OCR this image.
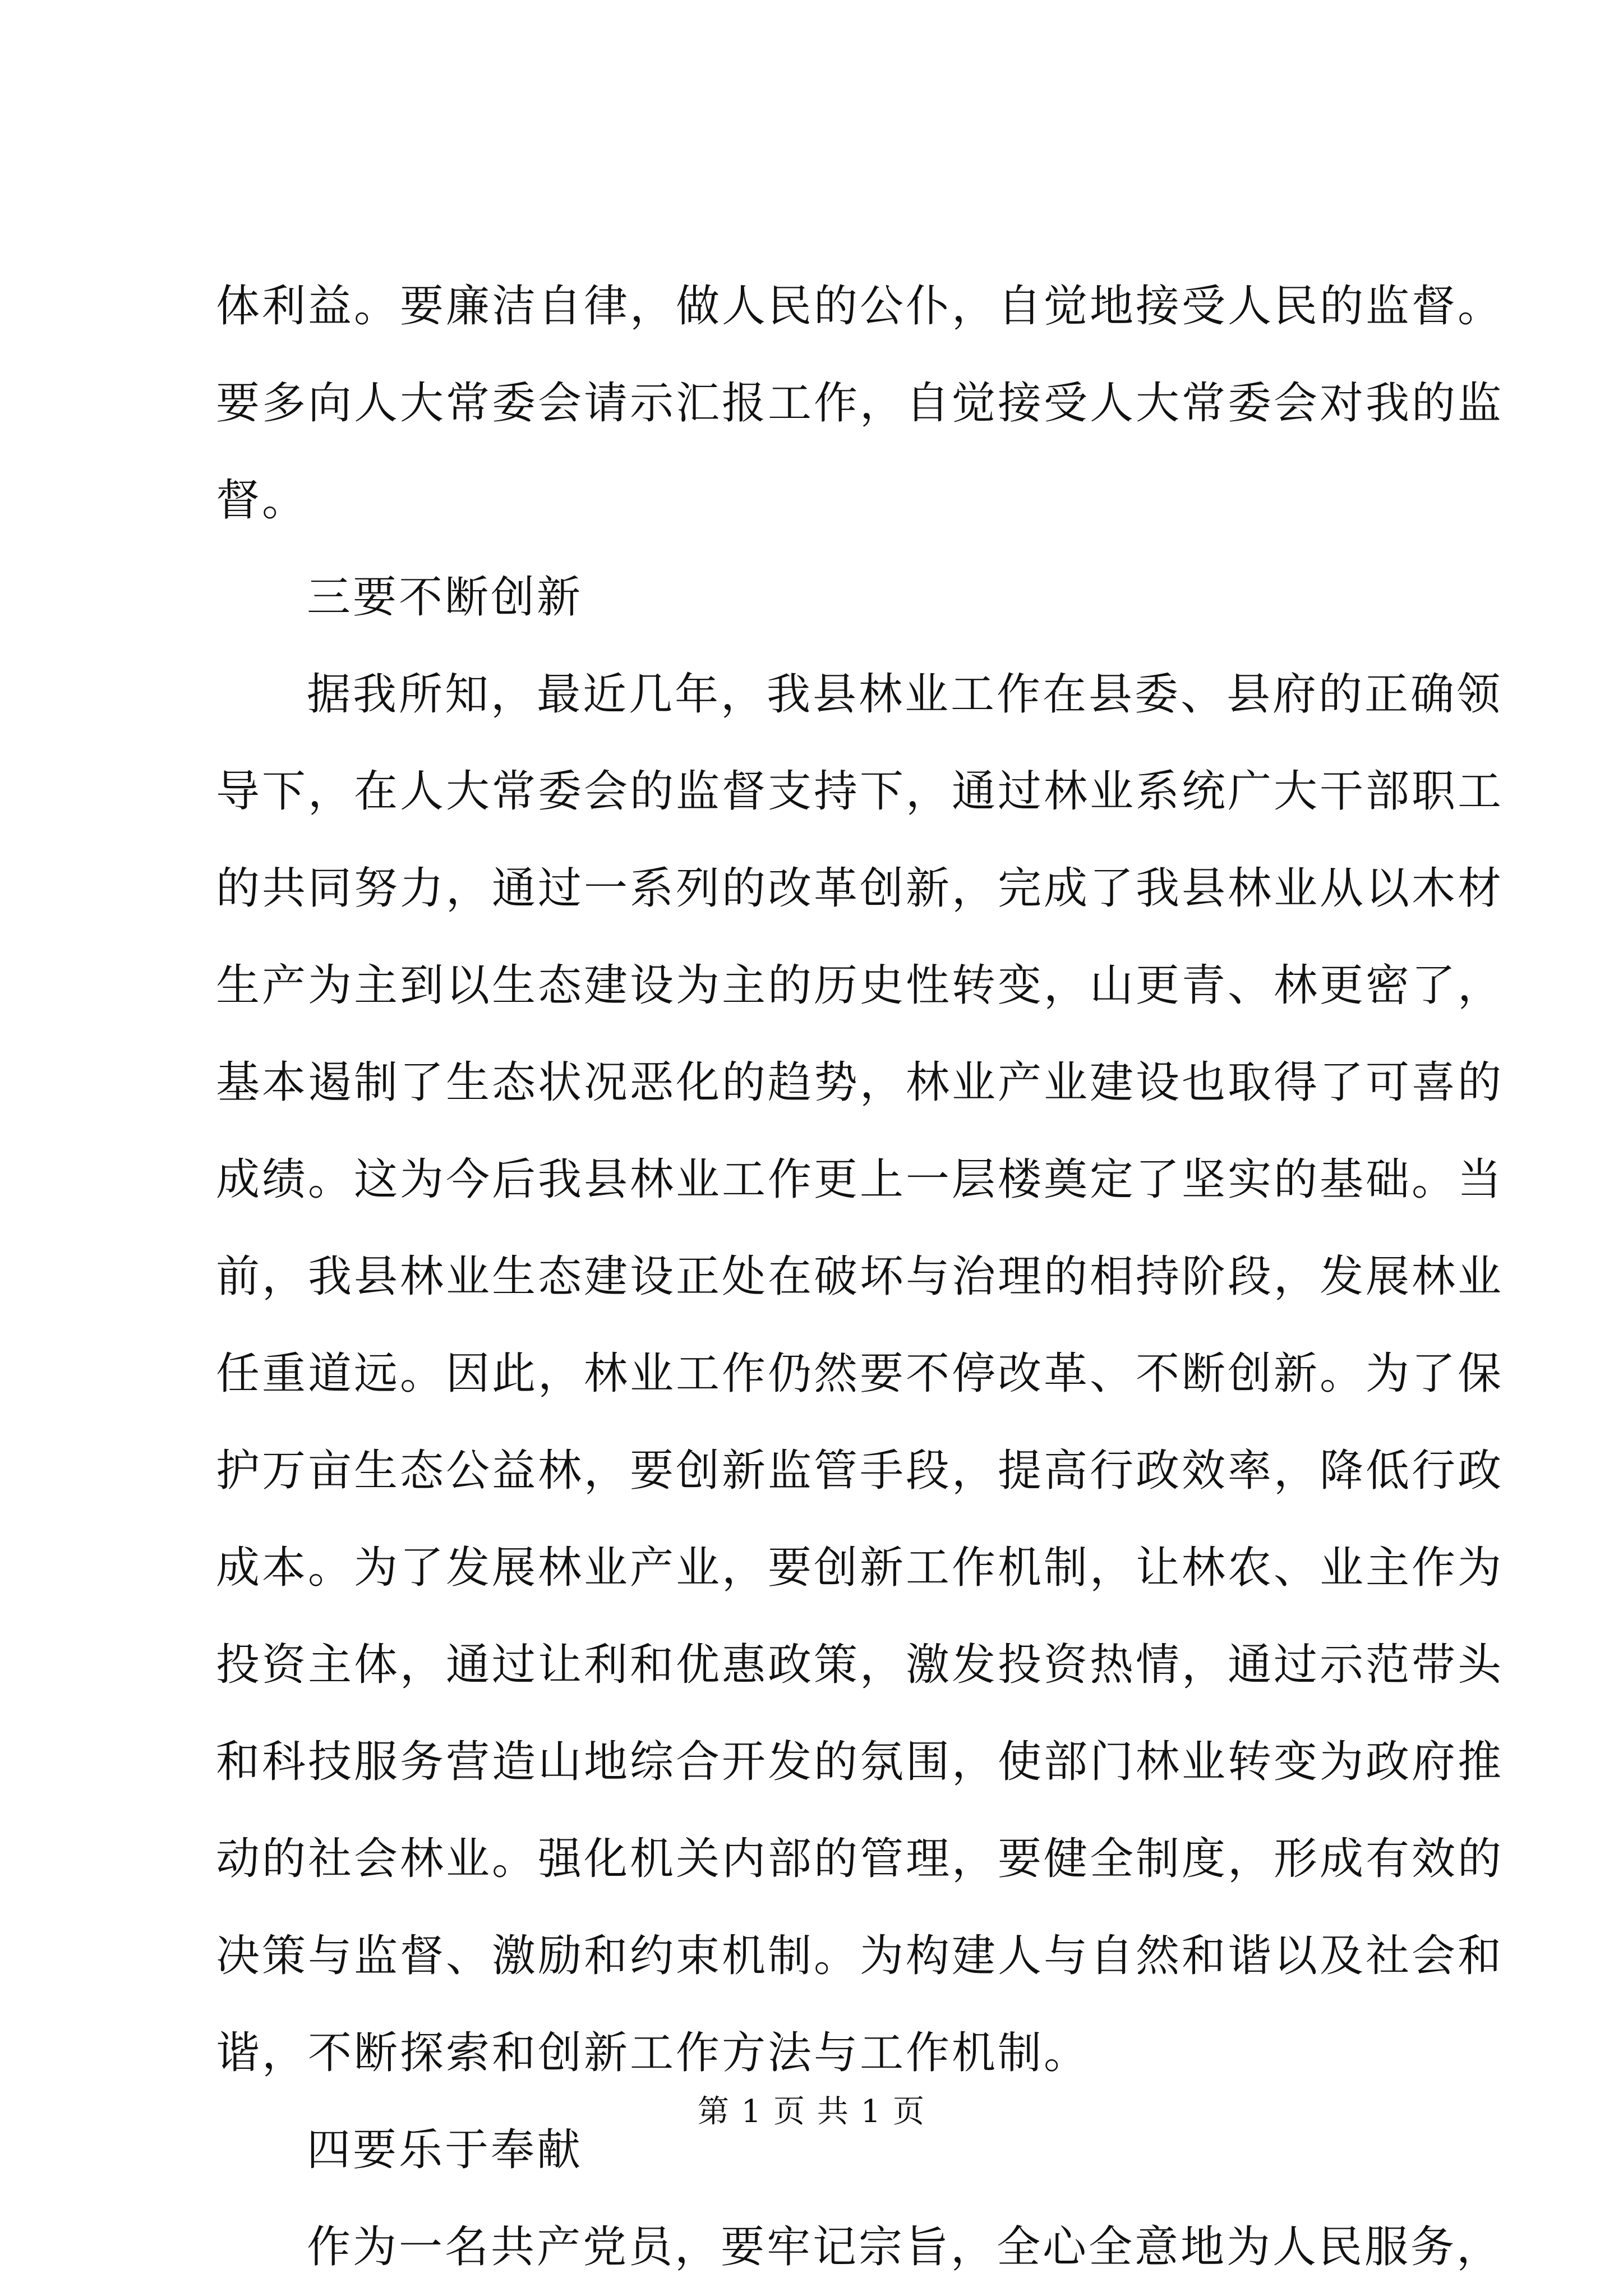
体利益。要廉洁自律，做人民的公仆，自觉地接受人民的监督。
要多向人大常委会请示汇报工作，自觉接受人大常委会对我的监
督。
三要不断创新
据我所知，最近几年，我县林业工作在县委、县府的正确领
导下，在人大常委会的监督支持下，通过林业系统广大干部职工
的共同努力，通过一系列的改革创新，完成了我县林业从以木材
生产为主到以生态建设为主的历史性转变，山更青、林更密了，
基本遏制了生态状况恶化的趋势，林业产业建设也取得了可喜的
成绩。这为今后我县林业工作更上一层楼奠定了坚实的基础。当
前，我县林业生态建设正处在破坏与治理的相持阶段，发展林业
任重道远。因此，林业工作仍然要不停改革、不断创新。为了保
护万亩生态公益林，要创新监管手段，提高行政效率，降低行政
成本。为了发展林业产业，要创新工作机制，让林农、业主作为
投资主体，通过让利和优惠政策，激发投资热情，通过示范带头
和科技服务营造山地综合开发的氛围，使部门林业转变为政府推
动的社会林业。强化机关内部的管理，要健全制度，形成有效的
决策与监督、激励和约束机制。为构建人与自然和谐以及社会和
谐，不断探索和创新工作方法与工作机制。
四要乐于奉献
作为一名共产党员，要牢记宗旨，全心全意地为人民服务，
第 1 页 共 1 页
